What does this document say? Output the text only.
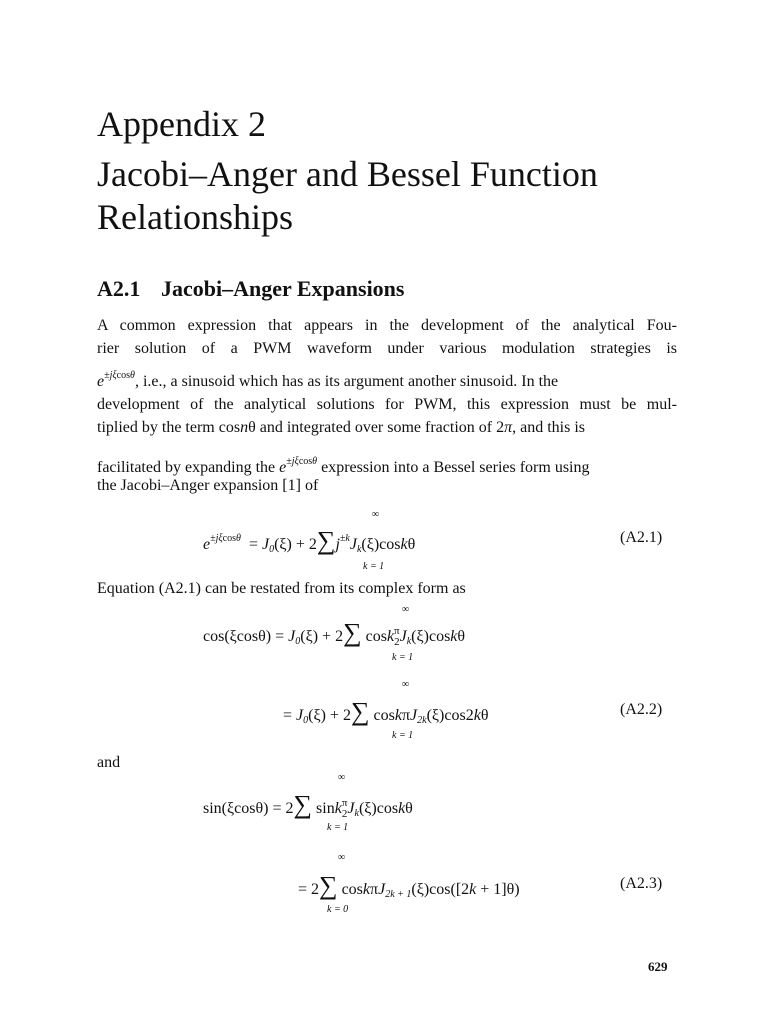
Appendix 2
Jacobi–Anger and Bessel Function
Relationships
A2.1 Jacobi–Anger Expansions
A common expression that appears in the development of the analytical Fou-
rier solution of a PWM waveform under various modulation strategies is
$e^{\pm j\xi cos\theta}$, i.e., a sinusoid which has as its argument another sinusoid. In the
development of the analytical solutions for PWM, this expression must be mul-
tiplied by the term cosnθ and integrated over some fraction of 2π, and this is
facilitated by expanding the $e^{\pm j\xi cos\theta}$ expression into a Bessel series form using
the Jacobi–Anger expansion [1] of
∞
$e^{\pm j\xi cos\theta} = J_0(\xi) + 2\sum j^{\pm k}J_k(\xi)\cos k\theta$
k = 1
(A2.1)
Equation (A2.1) can be restated from its complex form as
∞
$\cos(\xi\cos\theta) = J_0(\xi) + 2\sum$ coskπ
$2J_k(\xi)\cos k\theta$
k = 1
∞
= $J_0(\xi) + 2\sum$ coskπJ$_{2k}$(ξ)cos2kθ
k = 1
(A2.2)
and
∞
sin(ξcosθ) = 2∑ sinkπ
$2J_k(\xi)\cos k\theta$
k = 1
∞
= 2∑ coskπJ$_{2k + 1}$(ξ)cos([2k + 1]θ)
k = 0
(A2.3)
629
